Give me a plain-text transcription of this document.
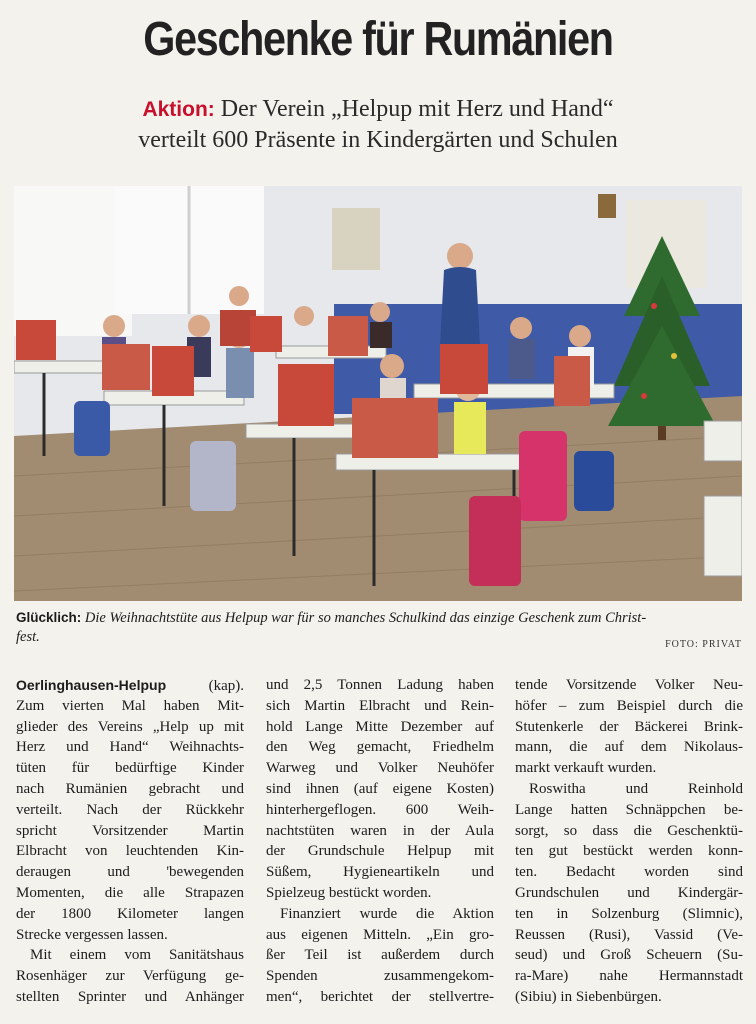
Geschenke für Rumänien
Aktion: Der Verein „Helpup mit Herz und Hand“
verteilt 600 Präsente in Kindergärten und Schulen
Glücklich: Die Weihnachtstüte aus Helpup war für so manches Schulkind das einzige Geschenk zum Christ-
fest.	FOTO: PRIVAT
Oerlinghausen-Helpup (kap).
Zum vierten Mal haben Mit-
glieder des Vereins „Help up mit
Herz und Hand“ Weihnachts-
tüten für bedürftige Kinder
nach Rumänien gebracht und
verteilt. Nach der Rückkehr
spricht Vorsitzender Martin
Elbracht von leuchtenden Kin-
deraugen und 'bewegenden
Momenten, die alle Strapazen
der 1800 Kilometer langen
Strecke vergessen lassen.
Mit einem vom Sanitätshaus
Rosenhäger zur Verfügung ge-
stellten Sprinter und Anhänger
und 2,5 Tonnen Ladung haben
sich Martin Elbracht und Rein-
hold Lange Mitte Dezember auf
den Weg gemacht, Friedhelm
Warweg und Volker Neuhöfer
sind ihnen (auf eigene Kosten)
hinterhergeflogen. 600 Weih-
nachtstüten waren in der Aula
der Grundschule Helpup mit
Süßem, Hygieneartikeln und
Spielzeug bestückt worden.
Finanziert wurde die Aktion
aus eigenen Mitteln. „Ein gro-
ßer Teil ist außerdem durch
Spenden zusammengekom-
men“, berichtet der stellvertre-
tende Vorsitzende Volker Neu-
höfer – zum Beispiel durch die
Stutenkerle der Bäckerei Brink-
mann, die auf dem Nikolaus-
markt verkauft wurden.
Roswitha und Reinhold
Lange hatten Schnäppchen be-
sorgt, so dass die Geschenktü-
ten gut bestückt werden konn-
ten. Bedacht worden sind
Grundschulen und Kindergär-
ten in Solzenburg (Slimnic),
Reussen (Rusi), Vassid (Ve-
seud) und Groß Scheuern (Su-
ra-Mare) nahe Hermannstadt
(Sibiu) in Siebenbürgen.
